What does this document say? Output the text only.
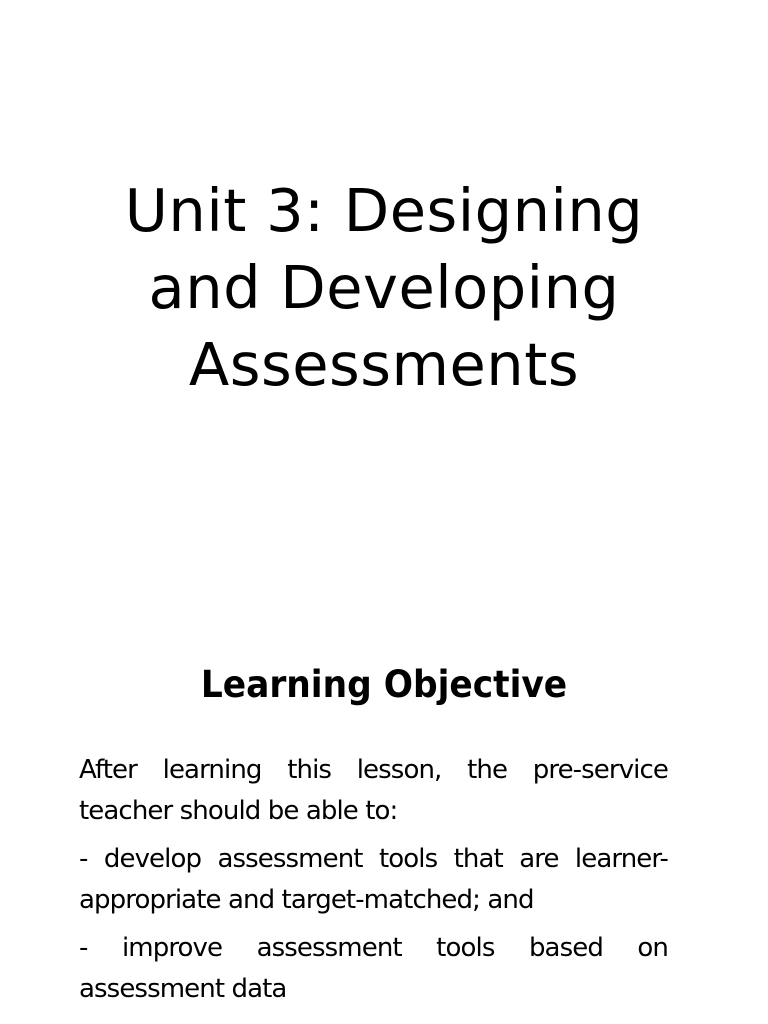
Unit 3: Designing
and Developing
Assessments
Learning Objective

After learning this lesson, the pre-service teacher should be able to:

- develop assessment tools that are learner-appropriate and target-matched; and

- improve assessment tools based on assessment data
